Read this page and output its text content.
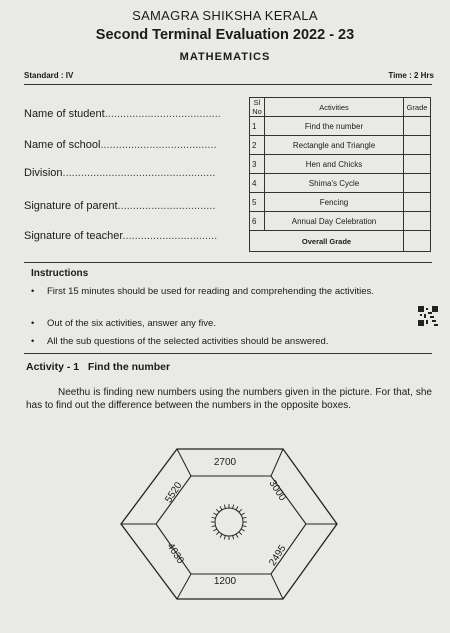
SAMAGRA SHIKSHA KERALA
Second Terminal Evaluation 2022 - 23
MATHEMATICS
Standard : IV	Time : 2 Hrs
Name of student......................................
Name of school......................................
Division..................................................
Signature of parent................................
Signature of teacher...............................
Sl No	Activities	Grade
1	Find the number	
2	Rectangle and Triangle	
3	Hen and Chicks	
4	Shima's Cycle	
5	Fencing	
6	Annual Day Celebration	
Overall Grade		
Instructions
• First 15 minutes should be used for reading and comprehending the activities.
• Out of the six activities, answer any five.
• All the sub questions of the selected activities should be answered.
Activity - 1   Find the number
Neethu is finding new numbers using the numbers given in the picture. For that, she has to find out the difference between the numbers in the opposite boxes.
2700
3000
2495
1200
4030
5520
